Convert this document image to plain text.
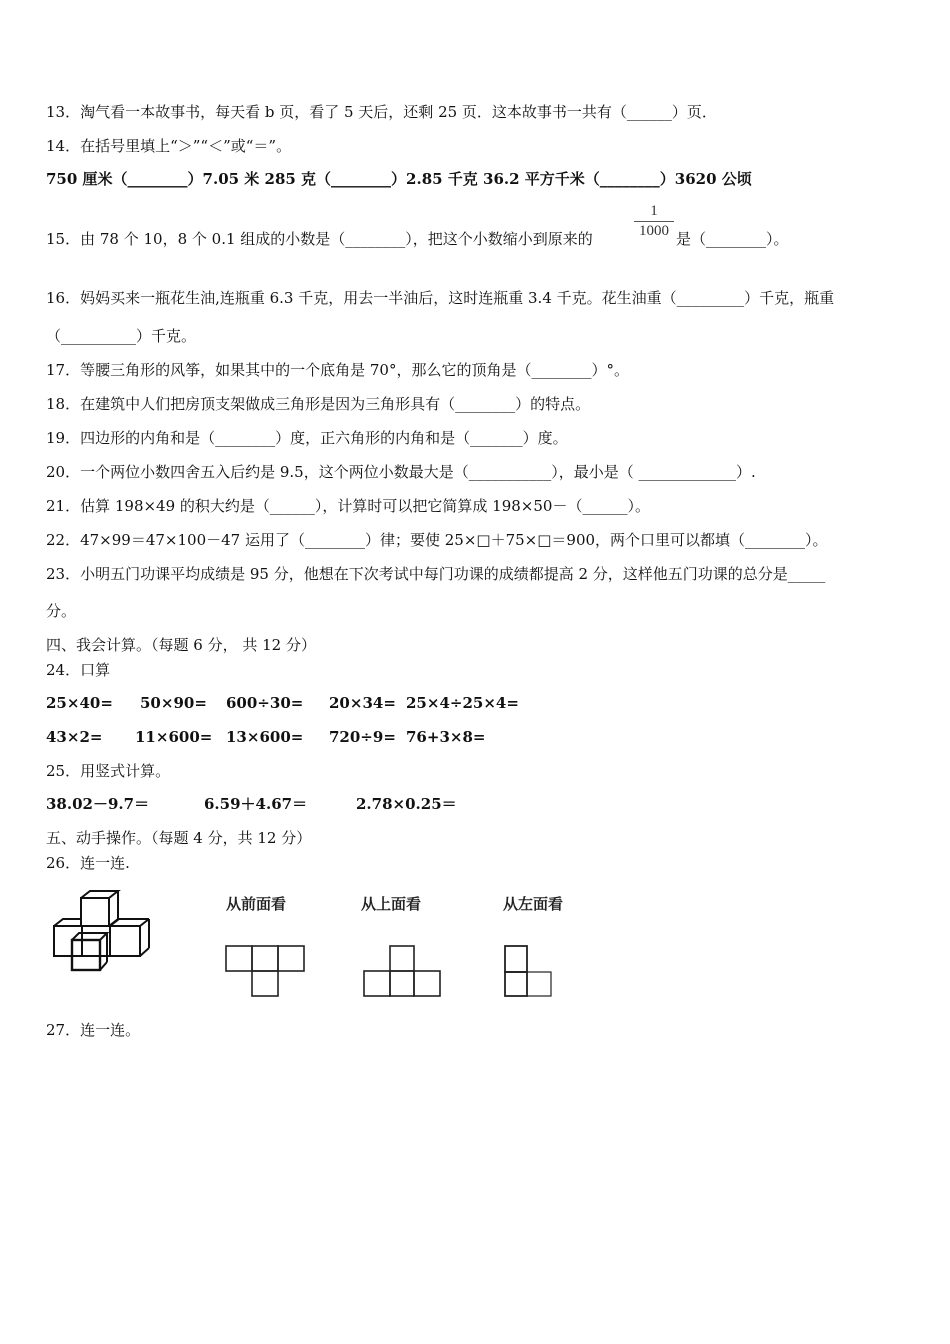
13．淘气看一本故事书，每天看 b 页，看了 5 天后，还剩 25 页．这本故事书一共有（______）页．
14．在括号里填上“＞”“＜”或“＝”。
750 厘米（________）7.05 米 285 克（________）2.85 千克 36.2 平方千米（________）3620 公顷
15．由 78 个 10，8 个 0.1 组成的小数是（________），把这个小数缩小到原来的
1
1000 是（________）。
16．妈妈买来一瓶花生油,连瓶重 6.3 千克，用去一半油后，这时连瓶重 3.4 千克。花生油重（_________）千克，瓶重
（__________）千克。
17．等腰三角形的风筝，如果其中的一个底角是 70°，那么它的顶角是（________）°。
18．在建筑中人们把房顶支架做成三角形是因为三角形具有（________）的特点。
19．四边形的内角和是（________）度，正六角形的内角和是（_______）度。
20．一个两位小数四舍五入后约是 9.5，这个两位小数最大是（___________），最小是（ _____________）.
21．估算 198×49 的积大约是（______），计算时可以把它简算成 198×50－（______）。
22．47×99＝47×100－47 运用了（________）律；要使 25×□＋75×□＝900，两个口里可以都填（________）。
23．小明五门功课平均成绩是 95 分，他想在下次考试中每门功课的成绩都提高 2 分，这样他五门功课的总分是_____
分。
四、我会计算。（每题 6 分， 共 12 分）
24．口算
25×40= 50×90= 600÷30= 20×34= 25×4÷25×4=
43×2= 11×600= 13×600= 720÷9= 76+3×8=
25．用竖式计算。
38.02－9.7＝	6.59＋4.67＝	2.78×0.25＝
五、动手操作。（每题 4 分，共 12 分）
26．连一连.
从前面看	从上面看	从左面看
27．连一连。
